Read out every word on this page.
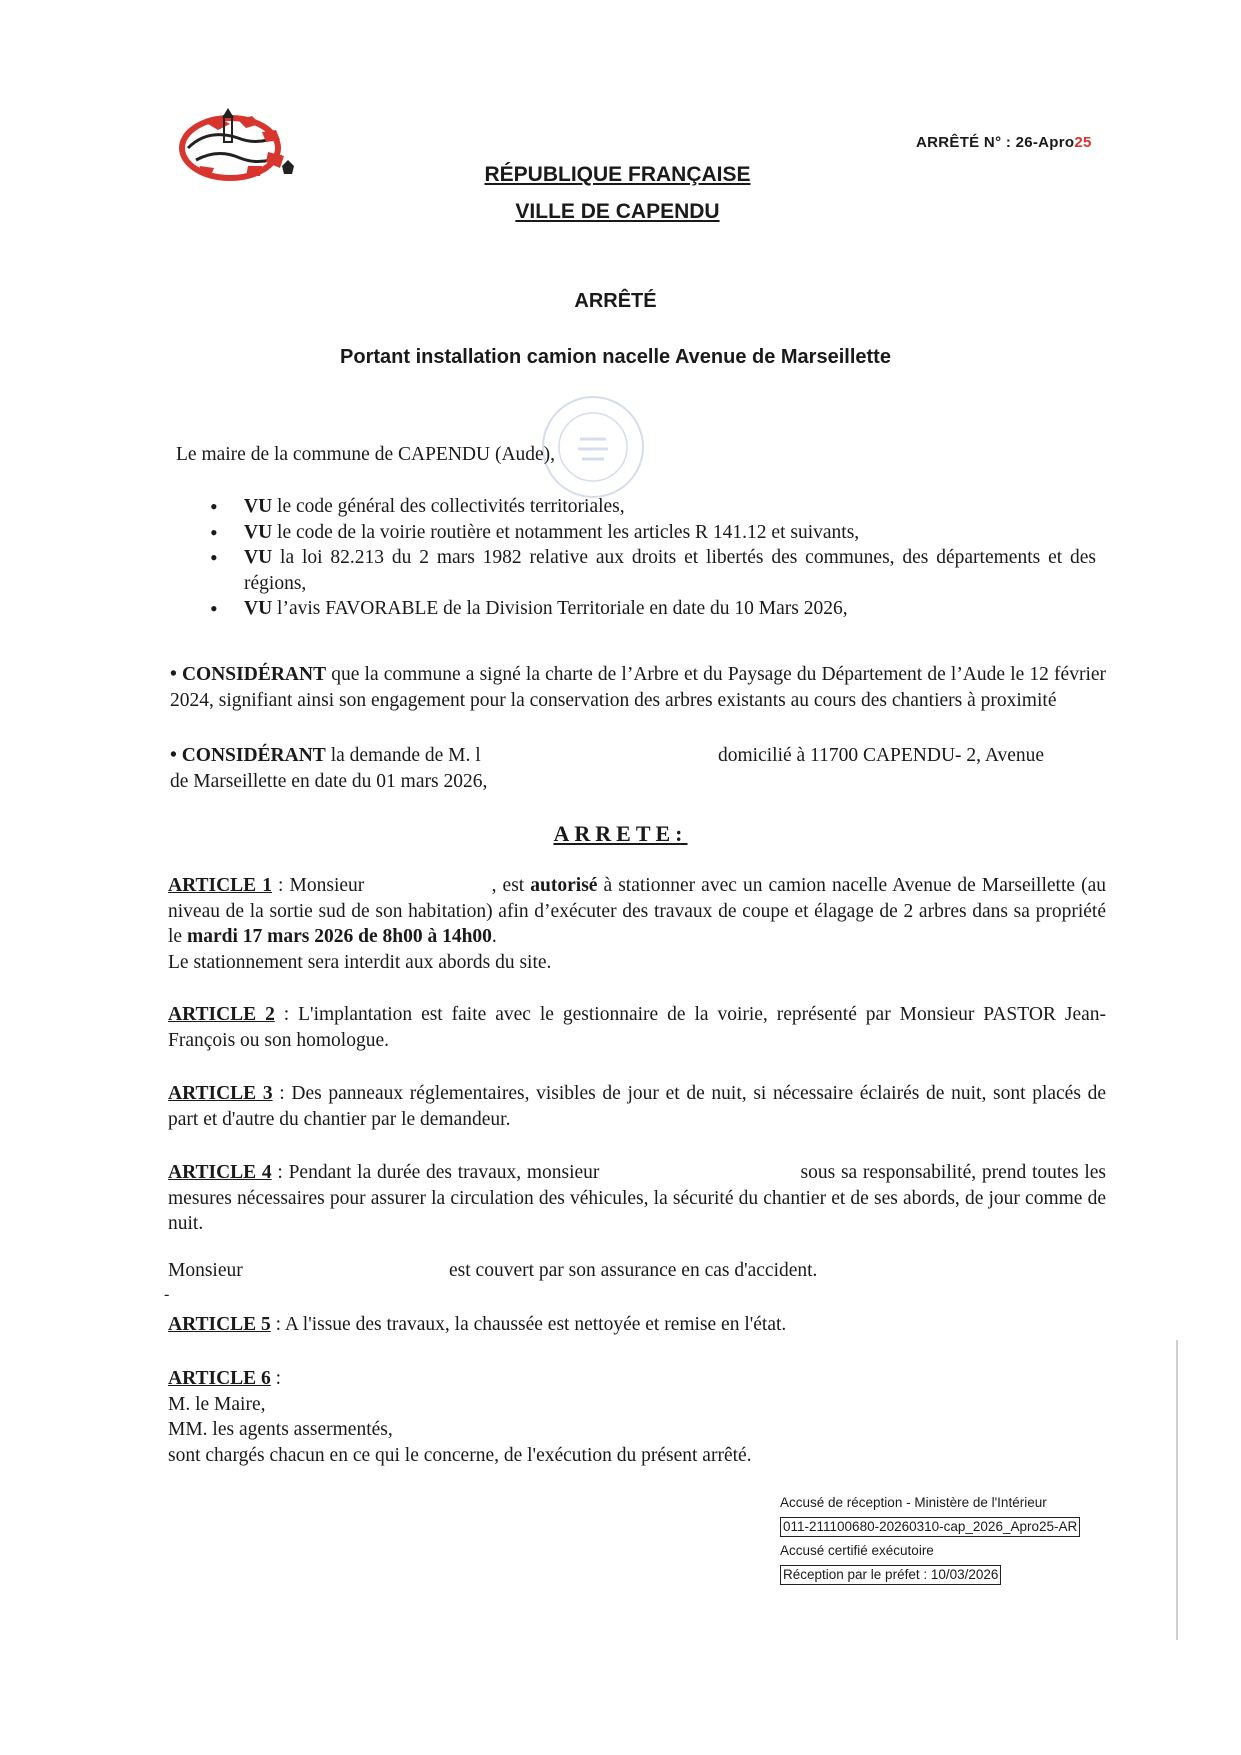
ARRÊTÉ N° : 26-Apro25
RÉPUBLIQUE FRANÇAISE
VILLE DE CAPENDU
ARRÊTÉ
Portant installation camion nacelle Avenue de Marseillette
Le maire de la commune de CAPENDU (Aude),
• VU le code général des collectivités territoriales,
• VU le code de la voirie routière et notamment les articles R 141.12 et suivants,
• VU la loi 82.213 du 2 mars 1982 relative aux droits et libertés des communes, des départements et des régions,
• VU l’avis FAVORABLE de la Division Territoriale en date du 10 Mars 2026,
• CONSIDÉRANT que la commune a signé la charte de l’Arbre et du Paysage du Département de l’Aude le 12 février 2024, signifiant ainsi son engagement pour la conservation des arbres existants au cours des chantiers à proximité
• CONSIDÉRANT la demande de M. l	domicilié à 11700 CAPENDU- 2, Avenue
de Marseillette en date du 01 mars 2026,
ARRETE:
ARTICLE 1 : Monsieur                     , est autorisé à stationner avec un camion nacelle Avenue de Marseillette (au niveau de la sortie sud de son habitation) afin d’exécuter des travaux de coupe et élagage de 2 arbres dans sa propriété le mardi 17 mars 2026 de 8h00 à 14h00.
Le stationnement sera interdit aux abords du site.
ARTICLE 2 : L'implantation est faite avec le gestionnaire de la voirie, représenté par Monsieur PASTOR Jean-François ou son homologue.
ARTICLE 3 : Des panneaux réglementaires, visibles de jour et de nuit, si nécessaire éclairés de nuit, sont placés de part et d'autre du chantier par le demandeur.
ARTICLE 4 : Pendant la durée des travaux, monsieur                                   sous sa responsabilité, prend toutes les mesures nécessaires pour assurer la circulation des véhicules, la sécurité du chantier et de ses abords, de jour comme de nuit.
Monsieur	est couvert par son assurance en cas d'accident.
-
ARTICLE 5 : A l'issue des travaux, la chaussée est nettoyée et remise en l'état.
ARTICLE 6 :
M. le Maire,
MM. les agents assermentés,
sont chargés chacun en ce qui le concerne, de l'exécution du présent arrêté.
Accusé de réception - Ministère de l'Intérieur
011-211100680-20260310-cap_2026_Apro25-AR
Accusé certifié exécutoire
Réception par le préfet : 10/03/2026
